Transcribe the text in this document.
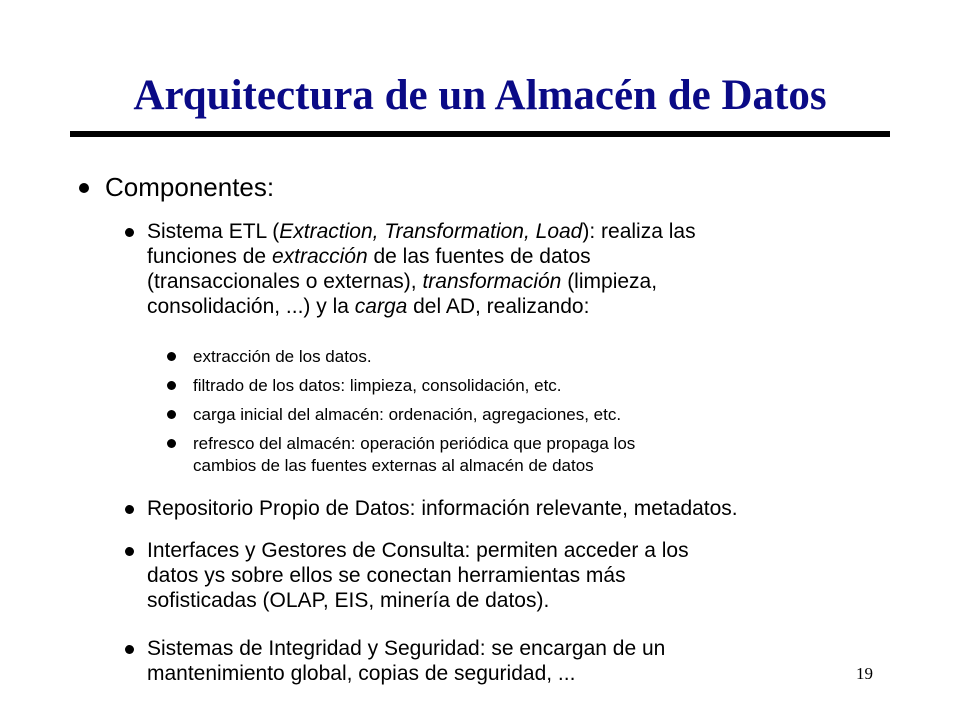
Arquitectura de un Almacén de Datos
Componentes:
Sistema ETL (Extraction, Transformation, Load): realiza las
funciones de extracción de las fuentes de datos
(transaccionales o externas), transformación (limpieza,
consolidación, ...) y la carga del AD, realizando:
extracción de los datos.
filtrado de los datos: limpieza, consolidación, etc.
carga inicial del almacén: ordenación, agregaciones, etc.
refresco del almacén: operación periódica que propaga los
cambios de las fuentes externas al almacén de datos
Repositorio Propio de Datos: información relevante, metadatos.
Interfaces y Gestores de Consulta: permiten acceder a los
datos ys sobre ellos se conectan herramientas más
sofisticadas (OLAP, EIS, minería de datos).
Sistemas de Integridad y Seguridad: se encargan de un
mantenimiento global, copias de seguridad, ...	19
